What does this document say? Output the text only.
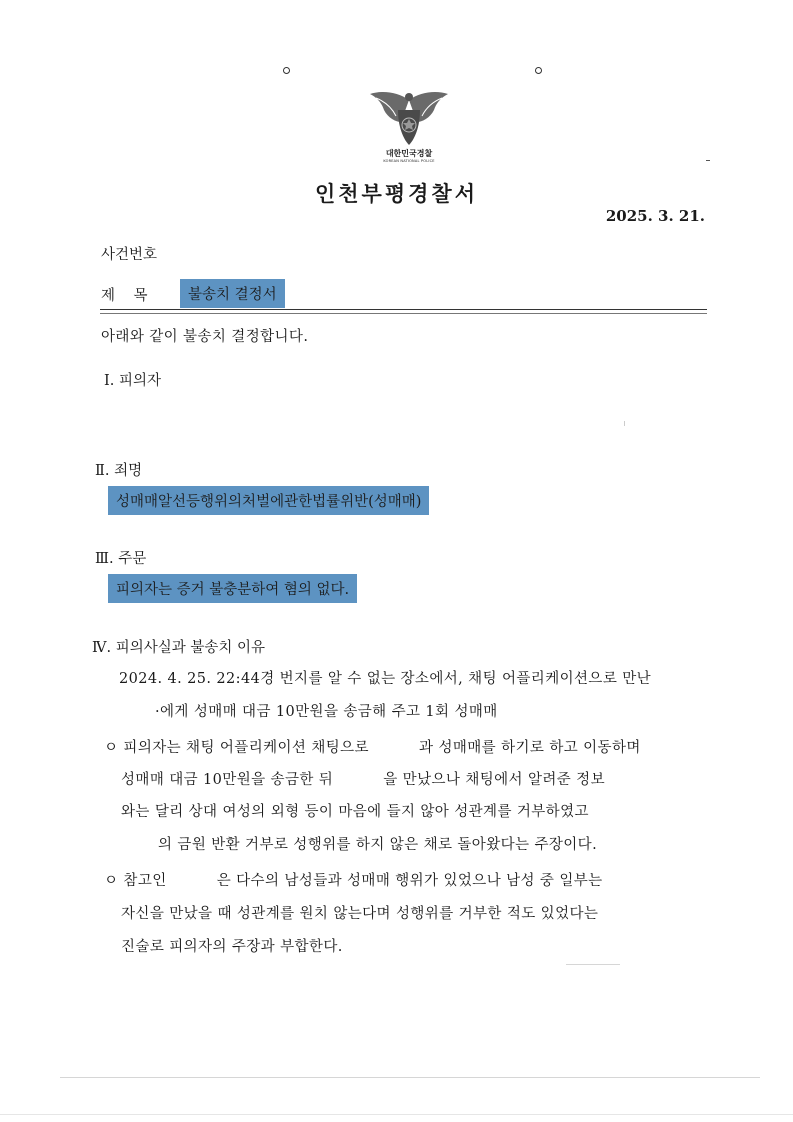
대한민국경찰
KOREAN NATIONAL POLICE
인천부평경찰서
2025. 3. 21.
사건번호
제    목	불송치 결정서
아래와 같이 불송치 결정합니다.
Ⅰ. 피의자
Ⅱ. 죄명
성매매알선등행위의처벌에관한법률위반(성매매)
Ⅲ. 주문
피의자는 증거 불충분하여 혐의 없다.
Ⅳ. 피의사실과 불송치 이유
2024. 4. 25. 22:44경 번지를 알 수 없는 장소에서, 채팅 어플리케이션으로 만난
·에게 성매매 대금 10만원을 송금해 주고 1회 성매매
ㅇ 피의자는 채팅 어플리케이션 채팅으로          과 성매매를 하기로 하고 이동하며
성매매 대금 10만원을 송금한 뒤          을 만났으나 채팅에서 알려준 정보
와는 달리 상대 여성의 외형 등이 마음에 들지 않아 성관계를 거부하였고
의 금원 반환 거부로 성행위를 하지 않은 채로 돌아왔다는 주장이다.
ㅇ 참고인          은 다수의 남성들과 성매매 행위가 있었으나 남성 중 일부는
자신을 만났을 때 성관계를 원치 않는다며 성행위를 거부한 적도 있었다는
진술로 피의자의 주장과 부합한다.
